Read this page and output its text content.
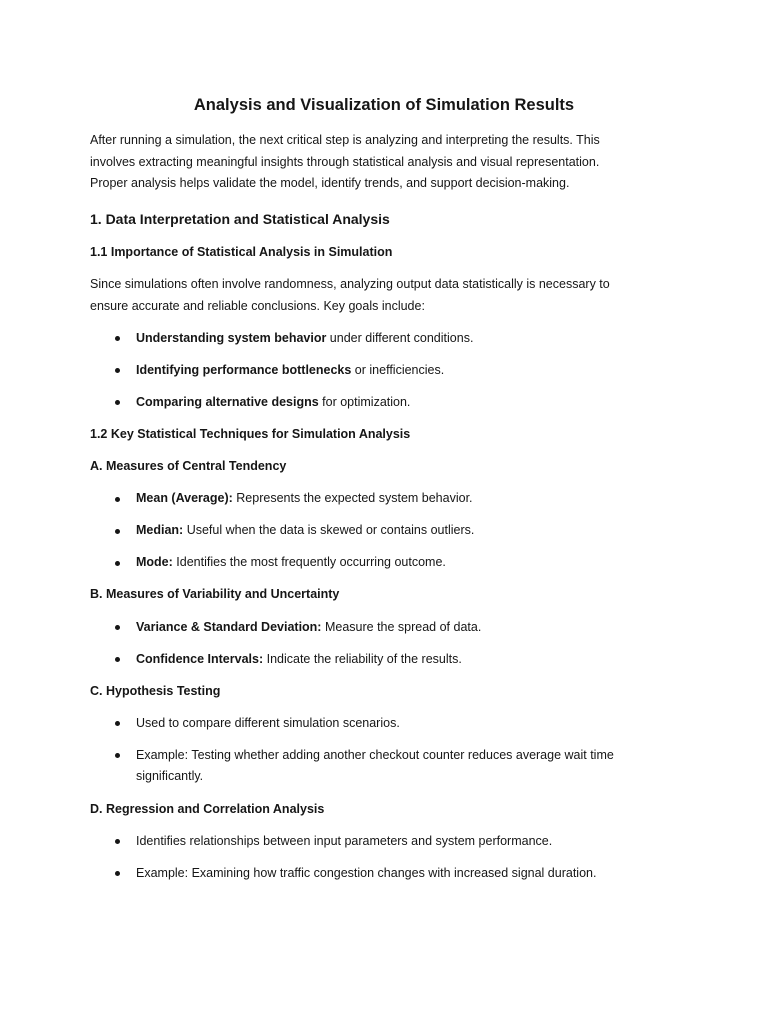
Analysis and Visualization of Simulation Results

After running a simulation, the next critical step is analyzing and interpreting the results. This
involves extracting meaningful insights through statistical analysis and visual representation.
Proper analysis helps validate the model, identify trends, and support decision-making.

1. Data Interpretation and Statistical Analysis
1.1 Importance of Statistical Analysis in Simulation

Since simulations often involve randomness, analyzing output data statistically is necessary to
ensure accurate and reliable conclusions. Key goals include:

Understanding system behavior under different conditions.
Identifying performance bottlenecks or inefficiencies.
Comparing alternative designs for optimization.
1.2 Key Statistical Techniques for Simulation Analysis
A. Measures of Central Tendency
Mean (Average): Represents the expected system behavior.
Median: Useful when the data is skewed or contains outliers.
Mode: Identifies the most frequently occurring outcome.
B. Measures of Variability and Uncertainty
Variance & Standard Deviation: Measure the spread of data.
Confidence Intervals: Indicate the reliability of the results.
C. Hypothesis Testing
Used to compare different simulation scenarios.
Example: Testing whether adding another checkout counter reduces average wait time
significantly.
D. Regression and Correlation Analysis
Identifies relationships between input parameters and system performance.
Example: Examining how traffic congestion changes with increased signal duration.
